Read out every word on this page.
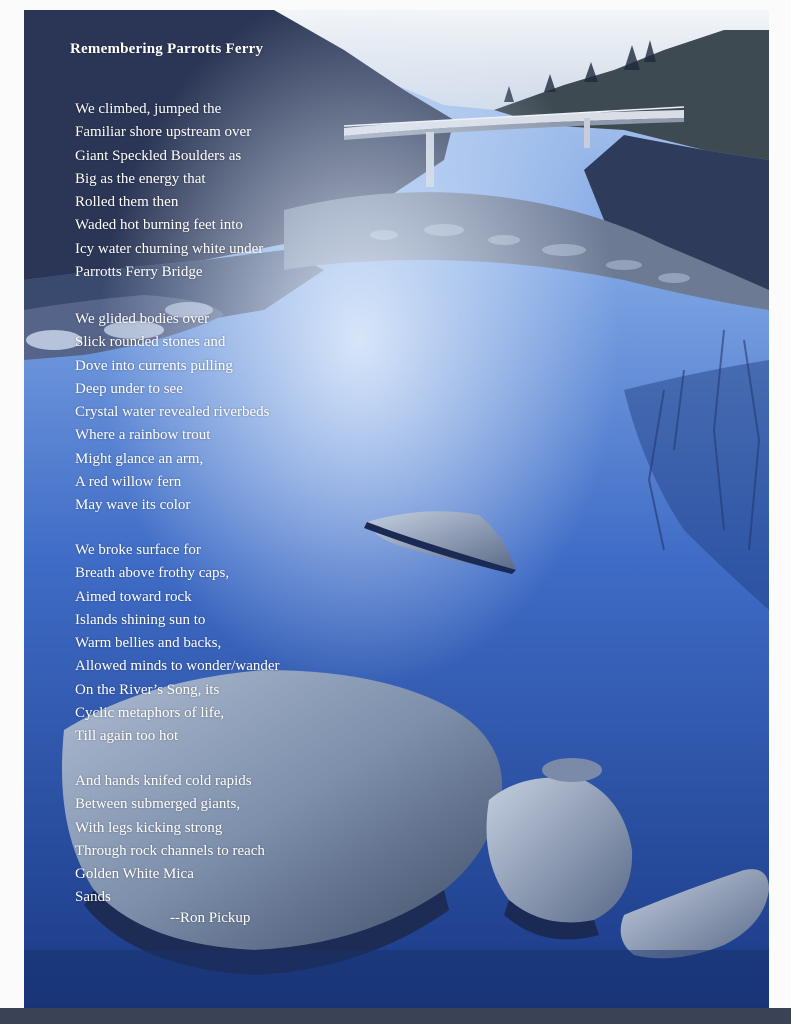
Remembering Parrotts Ferry
We climbed, jumped the
Familiar shore upstream over
Giant Speckled Boulders as
Big as the energy that
Rolled them then
Waded hot burning feet into
Icy water churning white under
Parrotts Ferry Bridge
We glided bodies over
Slick rounded stones and
Dove into currents pulling
Deep under to see
Crystal water revealed riverbeds
Where a rainbow trout
Might glance an arm,
A red willow fern
May wave its color
We broke surface for
Breath above frothy caps,
Aimed toward rock
Islands shining sun to
Warm bellies and backs,
Allowed minds to wonder/wander
On the River’s Song, its
Cyclic metaphors of life,
Till again too hot
And hands knifed cold rapids
Between submerged giants,
With legs kicking strong
Through rock channels to reach
Golden White Mica
Sands
--Ron Pickup
